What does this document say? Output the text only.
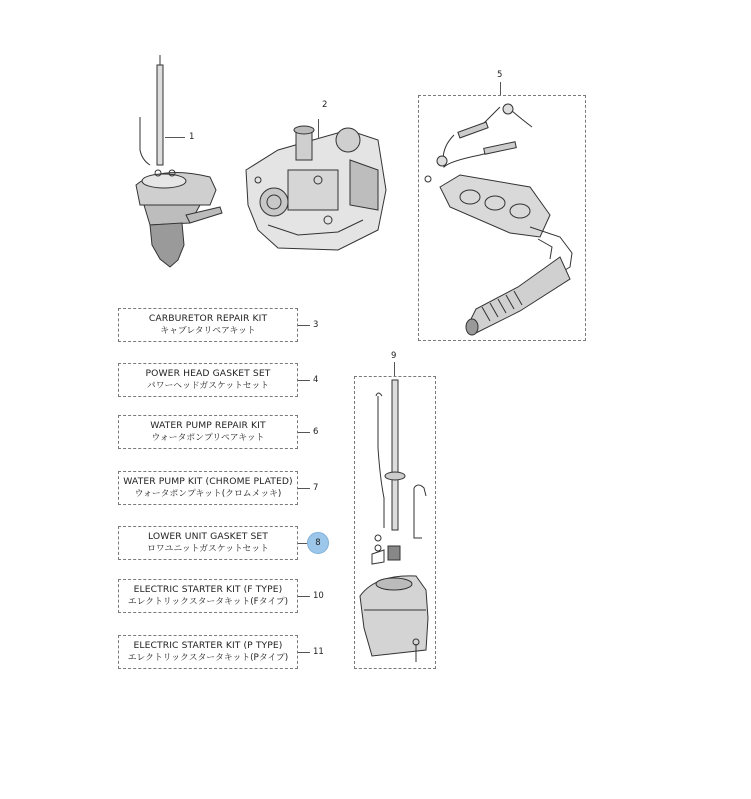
1
2
5
9
CARBURETOR REPAIR KIT
キャブレタリペアキット
3
POWER HEAD GASKET SET
パワーヘッドガスケットセット
4
WATER PUMP REPAIR KIT
ウォータポンプリペアキット
6
WATER PUMP KIT (CHROME PLATED)
ウォータポンプキット(クロムメッキ)
7
LOWER UNIT GASKET SET
ロワユニットガスケットセット
8
ELECTRIC STARTER KIT (F TYPE)
エレクトリックスタータキット(Fタイプ)
10
ELECTRIC STARTER KIT (P TYPE)
エレクトリックスタータキット(Pタイプ)
11
